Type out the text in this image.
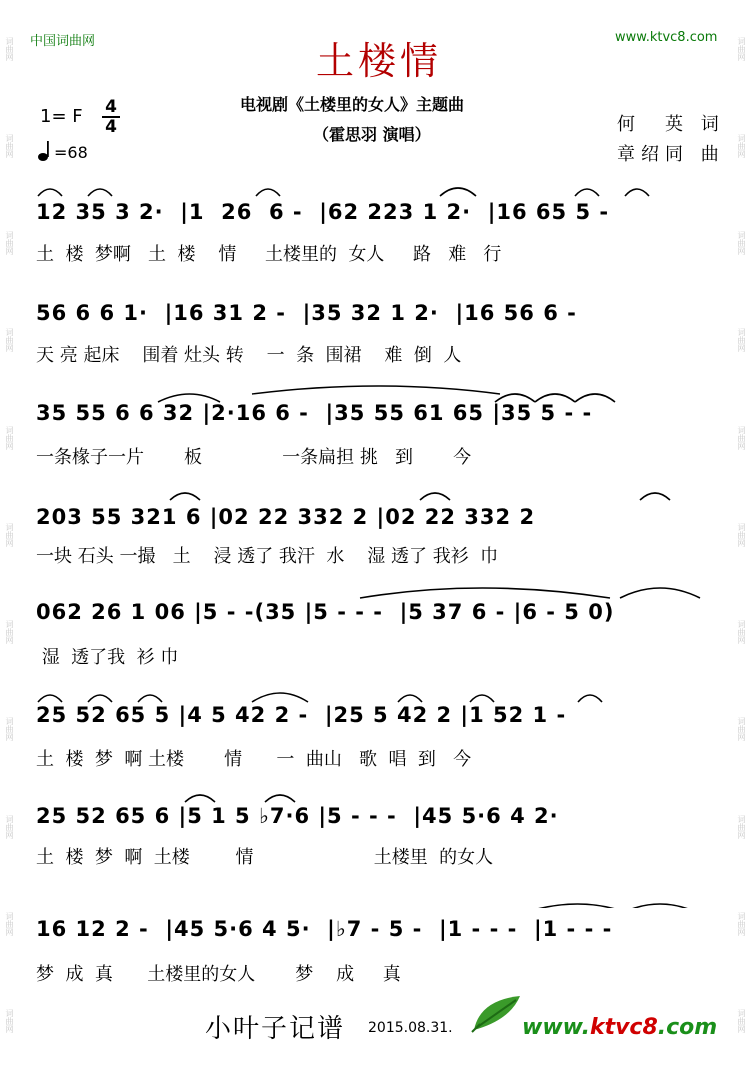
词曲网
词曲网
词曲网
词曲网
词曲网
词曲网
词曲网
词曲网
词曲网
词曲网
词曲网
词曲网
词曲网
词曲网
词曲网
词曲网
词曲网
词曲网
词曲网
词曲网
词曲网
词曲网
中国词曲网	www.ktvc8.com
土楼情
电视剧《土楼里的女人》主题曲
（霍思羽 演唱）
1= F 4
4
=68
何　英 词
章绍同 曲
12 35 3 2·  |1  26  6 -  |62 223 1 2·  |16 65 5 -
土  楼  梦啊   土  楼    情     土楼里的  女人     路   难   行
56 6 6 1·  |16 31 2 -  |35 32 1 2·  |16 56 6 -
天 亮 起床    围着 灶头 转    一  条  围裙    难  倒  人
35 55 6 6 32 |2·16 6 -  |35 55 61 65 |35 5 - -
一条椽子一片       板              一条扁担 挑   到       今
203 55 321 6 |02 22 332 2 |02 22 332 2
一块 石头 一撮   土    浸 透了 我汗  水    湿 透了 我衫  巾
062 26 1 06 |5 - -(35 |5 - - -  |5 37 6 - |6 - 5 0)
湿  透了我  衫 巾
25 52 65 5 |4 5 42 2 -  |25 5 42 2 |1 52 1 -
土  楼  梦  啊 土楼       情      一  曲山   歌  唱  到   今
25 52 65 6 |5 1 5 ♭7·6 |5 - - -  |45 5·6 4 2·
土  楼  梦  啊  土楼        情                     土楼里  的女人
16 12 2 -  |45 5·6 4 5·  |♭7 - 5 -  |1 - - -  |1 - - -
梦  成  真      土楼里的女人       梦    成     真
小叶子记谱 2015.08.31.	www.ktvc8.com
